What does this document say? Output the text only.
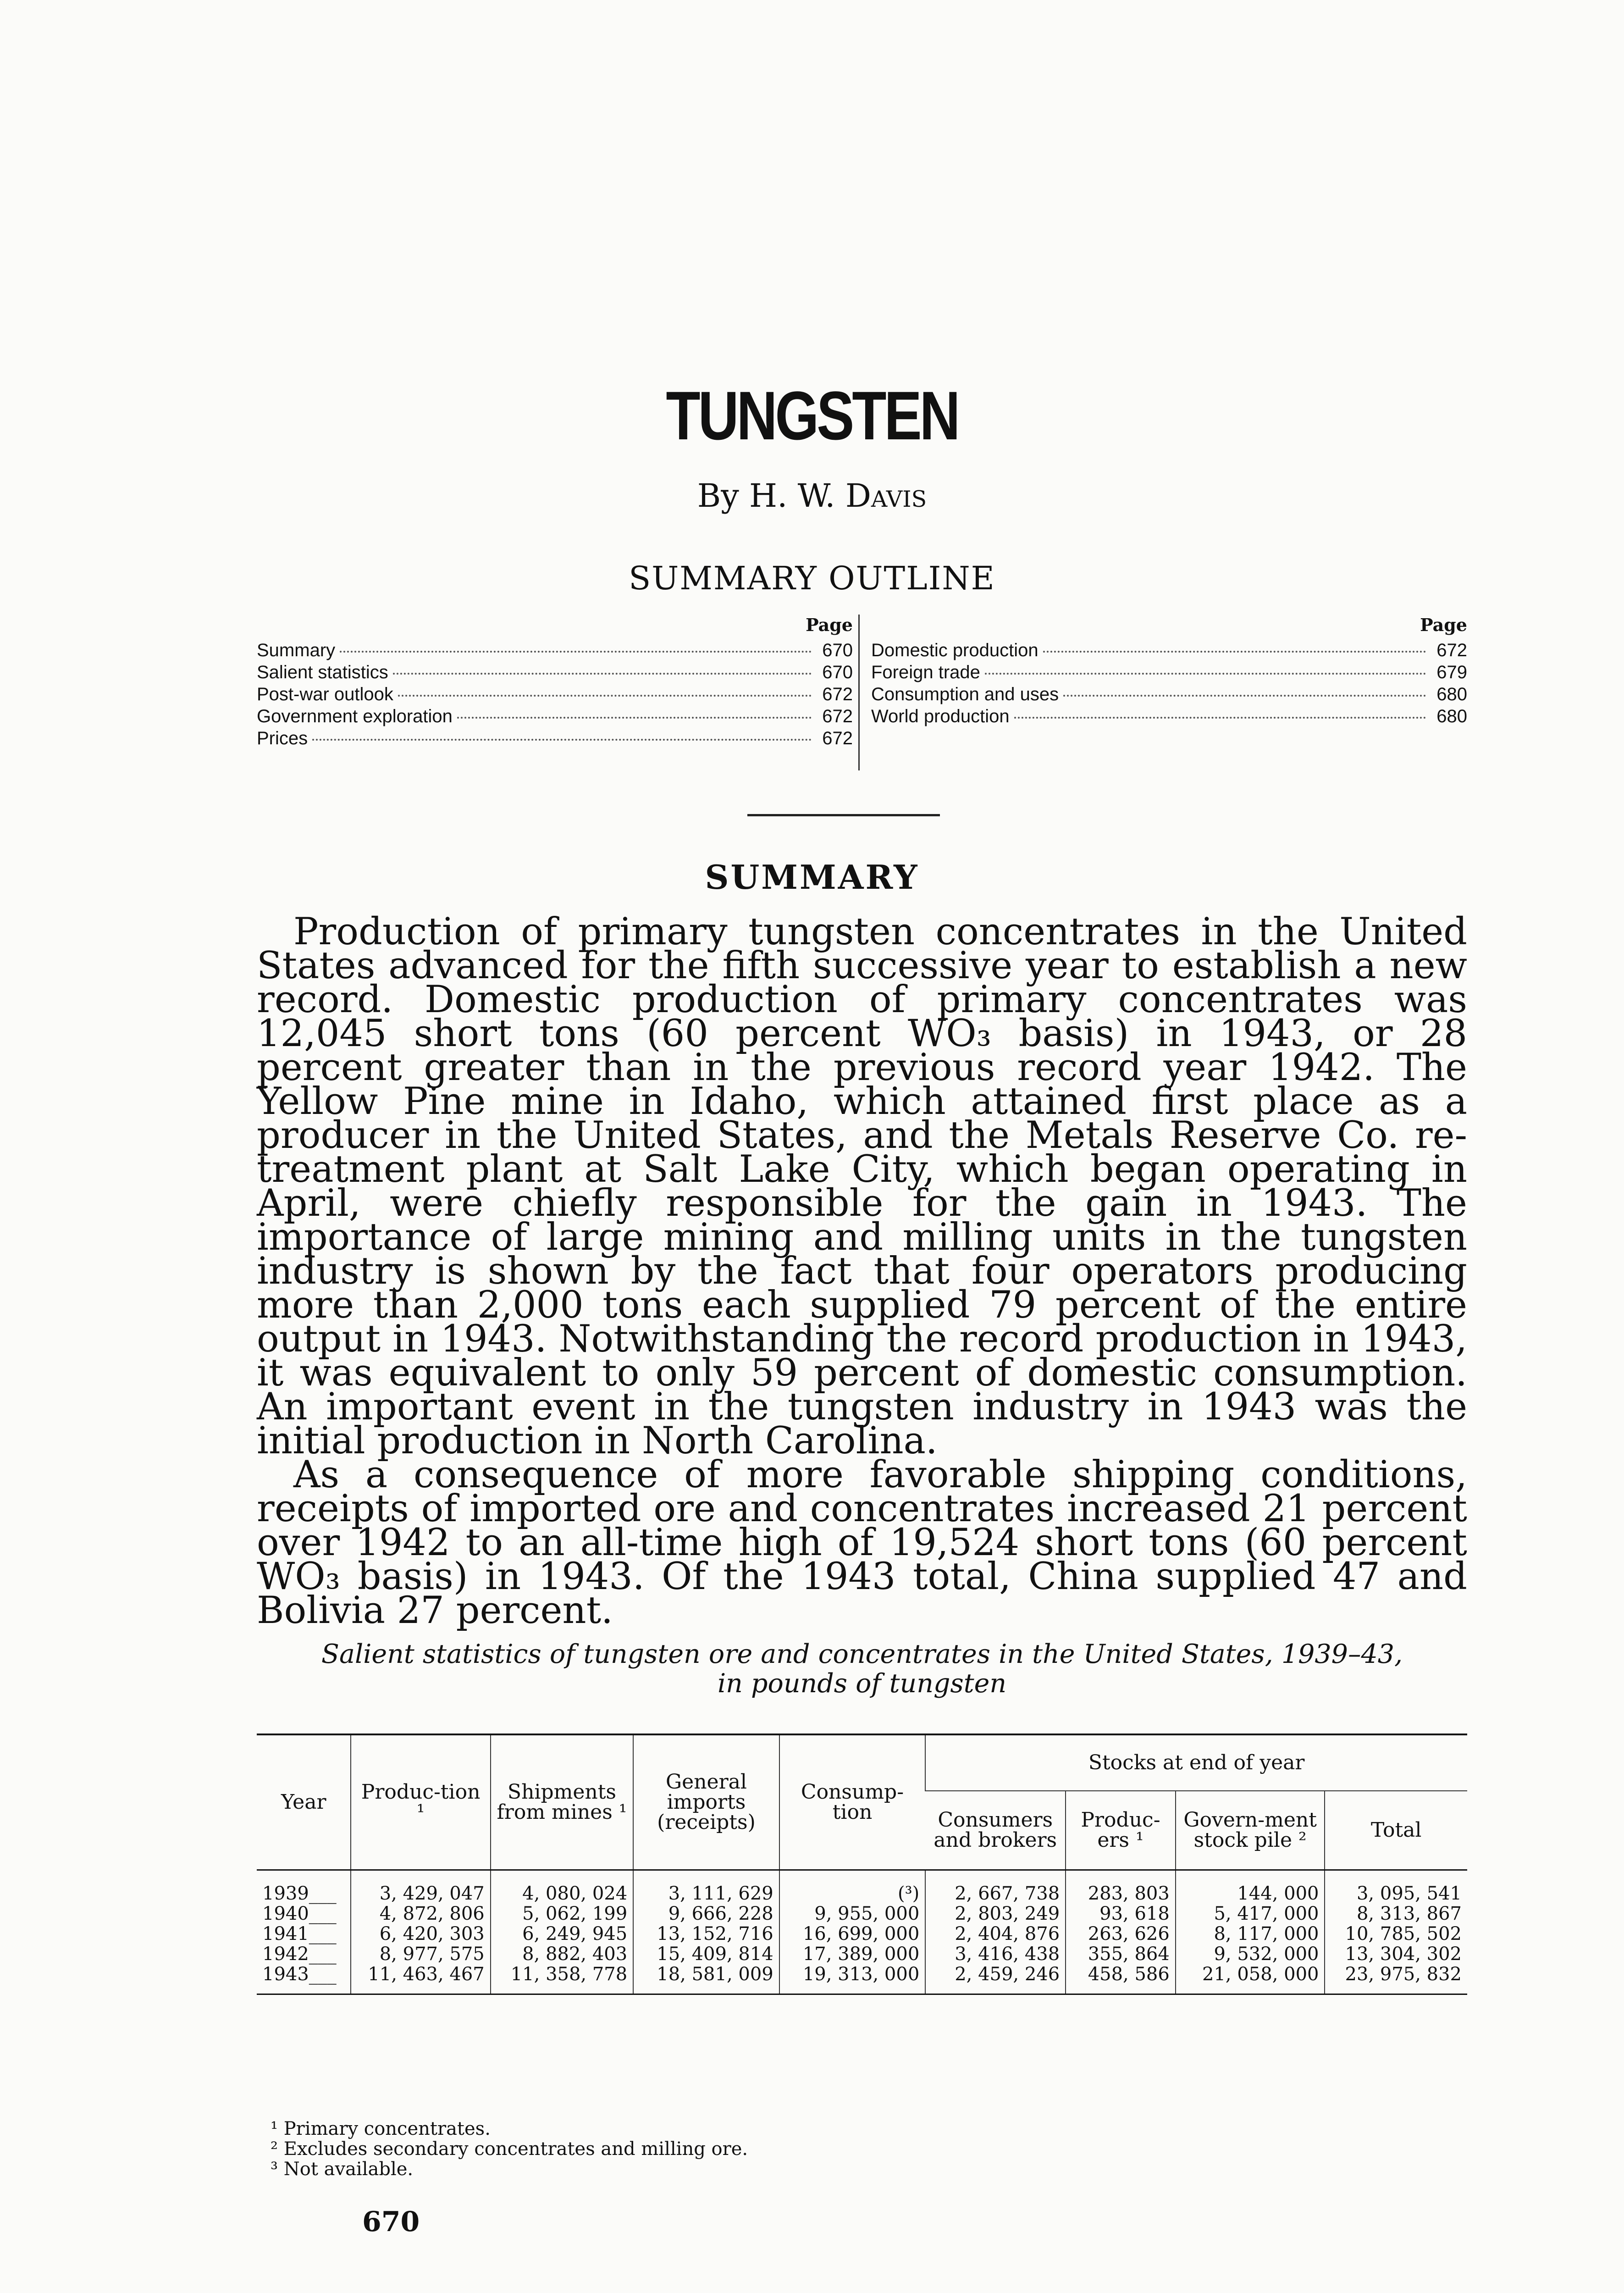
TUNGSTEN
By H. W. Davis
SUMMARY OUTLINE
Page
Summary	670
Salient statistics	670
Post-war outlook	672
Government exploration	672
Prices	672
Page
Domestic production	672
Foreign trade	679
Consumption and uses	680
World production	680
SUMMARY

Production of primary tungsten concentrates in the United States advanced for the fifth successive year to establish a new record. Domestic production of primary concentrates was 12,045 short tons (60 percent WO₃ basis) in 1943, or 28 percent greater than in the previous record year 1942. The Yellow Pine mine in Idaho, which attained first place as a producer in the United States, and the Metals Reserve Co. re-treatment plant at Salt Lake City, which began operating in April, were chiefly responsible for the gain in 1943. The importance of large mining and milling units in the tungsten industry is shown by the fact that four operators producing more than 2,000 tons each supplied 79 percent of the entire output in 1943. Notwithstanding the record production in 1943, it was equivalent to only 59 percent of domestic consumption. An important event in the tungsten industry in 1943 was the initial production in North Carolina.

As a consequence of more favorable shipping conditions, receipts of imported ore and concentrates increased 21 percent over 1942 to an all-time high of 19,524 short tons (60 percent WO₃ basis) in 1943. Of the 1943 total, China supplied 47 and Bolivia 27 percent.

Salient statistics of tungsten ore and concentrates in the United States, 1939–43,
in pounds of tungsten
Year	Produc-tion ¹	Shipments from mines ¹	General imports (receipts)	Consump-tion	Stocks at end of year			
					Consumers and brokers	Produc-ers ¹	Govern-ment stock pile ²	Total
1939___	3, 429, 047	4, 080, 024	3, 111, 629	(³)	2, 667, 738	283, 803	144, 000	3, 095, 541
1940___	4, 872, 806	5, 062, 199	9, 666, 228	9, 955, 000	2, 803, 249	93, 618	5, 417, 000	8, 313, 867
1941___	6, 420, 303	6, 249, 945	13, 152, 716	16, 699, 000	2, 404, 876	263, 626	8, 117, 000	10, 785, 502
1942___	8, 977, 575	8, 882, 403	15, 409, 814	17, 389, 000	3, 416, 438	355, 864	9, 532, 000	13, 304, 302
1943___	11, 463, 467	11, 358, 778	18, 581, 009	19, 313, 000	2, 459, 246	458, 586	21, 058, 000	23, 975, 832
¹ Primary concentrates.
² Excludes secondary concentrates and milling ore.
³ Not available.
670
